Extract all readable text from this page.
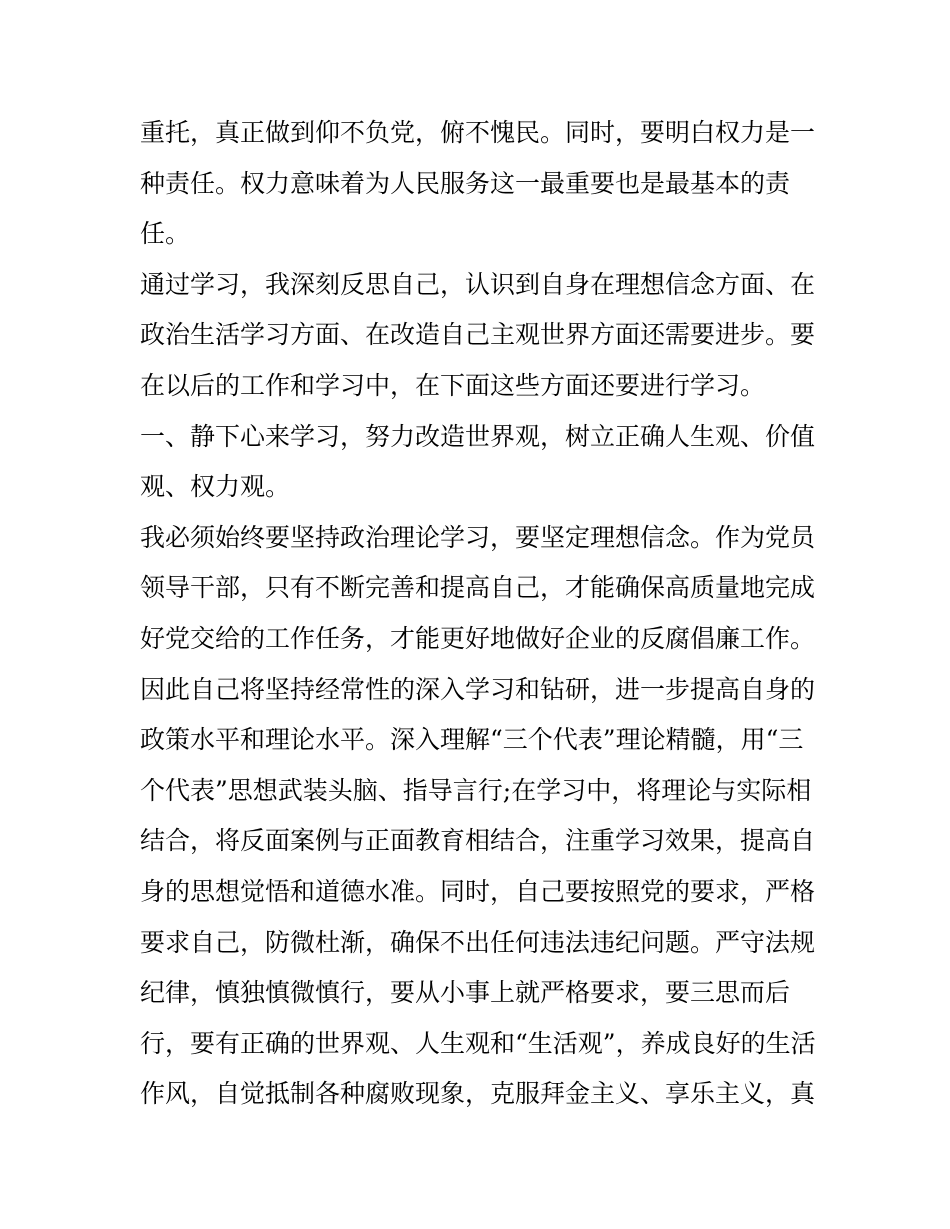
重托，真正做到仰不负党，俯不愧民。同时，要明白权力是一
种责任。权力意味着为人民服务这一最重要也是最基本的责
任。
通过学习，我深刻反思自己，认识到自身在理想信念方面、在
政治生活学习方面、在改造自己主观世界方面还需要进步。要
在以后的工作和学习中，在下面这些方面还要进行学习。
一、静下心来学习，努力改造世界观，树立正确人生观、价值
观、权力观。
我必须始终要坚持政治理论学习，要坚定理想信念。作为党员
领导干部，只有不断完善和提高自己，才能确保高质量地完成
好党交给的工作任务，才能更好地做好企业的反腐倡廉工作。
因此自己将坚持经常性的深入学习和钻研，进一步提高自身的
政策水平和理论水平。深入理解“三个代表”理论精髓，用“三
个代表”思想武装头脑、指导言行;在学习中，将理论与实际相
结合，将反面案例与正面教育相结合，注重学习效果，提高自
身的思想觉悟和道德水准。同时，自己要按照党的要求，严格
要求自己，防微杜渐，确保不出任何违法违纪问题。严守法规
纪律，慎独慎微慎行，要从小事上就严格要求，要三思而后
行，要有正确的世界观、人生观和“生活观”，养成良好的生活
作风，自觉抵制各种腐败现象，克服拜金主义、享乐主义，真
